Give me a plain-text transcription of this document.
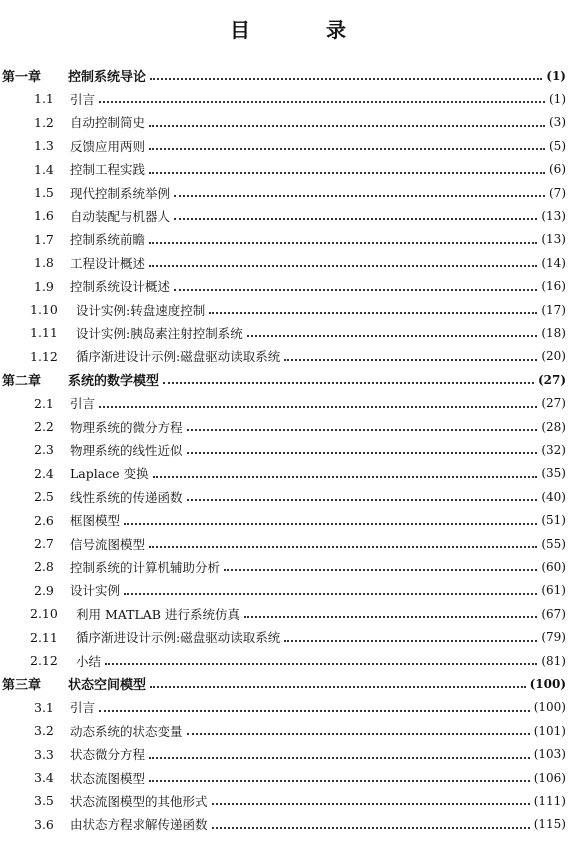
目　录
第一章	控制系统导论	(1)
1.1	引言	(1)
1.2	自动控制简史	(3)
1.3	反馈应用两则	(5)
1.4	控制工程实践	(6)
1.5	现代控制系统举例	(7)
1.6	自动装配与机器人	(13)
1.7	控制系统前瞻	(13)
1.8	工程设计概述	(14)
1.9	控制系统设计概述	(16)
1.10	设计实例:转盘速度控制	(17)
1.11	设计实例:胰岛素注射控制系统	(18)
1.12	循序渐进设计示例:磁盘驱动读取系统	(20)
第二章	系统的数学模型	(27)
2.1	引言	(27)
2.2	物理系统的微分方程	(28)
2.3	物理系统的线性近似	(32)
2.4	Laplace 变换	(35)
2.5	线性系统的传递函数	(40)
2.6	框图模型	(51)
2.7	信号流图模型	(55)
2.8	控制系统的计算机辅助分析	(60)
2.9	设计实例	(61)
2.10	利用 MATLAB 进行系统仿真	(67)
2.11	循序渐进设计示例:磁盘驱动读取系统	(79)
2.12	小结	(81)
第三章	状态空间模型	(100)
3.1	引言	(100)
3.2	动态系统的状态变量	(101)
3.3	状态微分方程	(103)
3.4	状态流图模型	(106)
3.5	状态流图模型的其他形式	(111)
3.6	由状态方程求解传递函数	(115)
